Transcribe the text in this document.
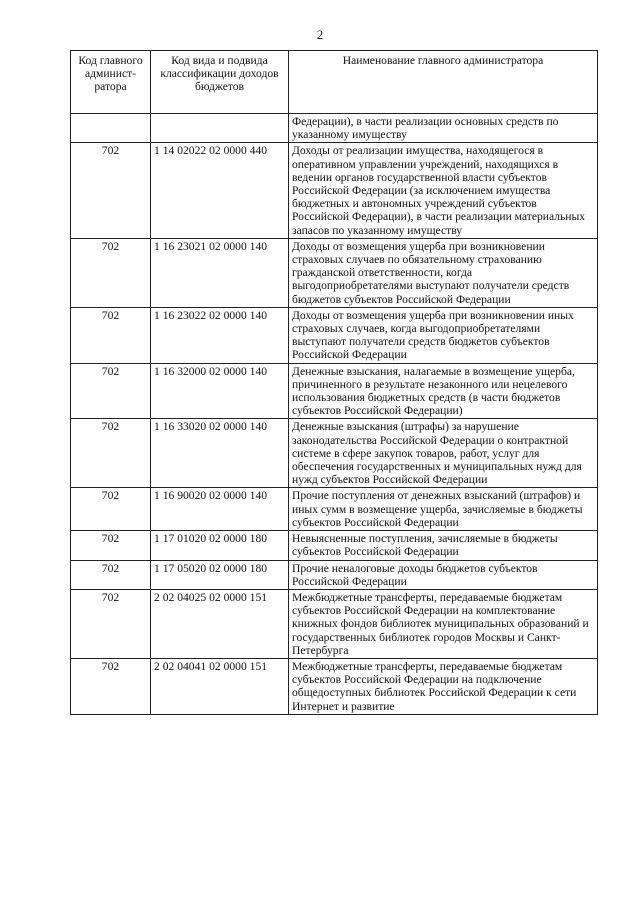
2
Код главного админист-ратора	Код вида и подвида классификации доходов бюджетов	Наименование главного администратора
		Федерации), в части реализации основных средств по указанному имуществу
702	1 14 02022 02 0000 440	Доходы от реализации имущества, находящегося в оперативном управлении учреждений, находящихся в ведении органов государственной власти субъектов Российской Федерации (за исключением имущества бюджетных и автономных учреждений субъектов Российской Федерации), в части реализации материальных запасов по указанному имуществу
702	1 16 23021 02 0000 140	Доходы от возмещения ущерба при возникновении страховых случаев по обязательному страхованию гражданской ответственности, когда выгодоприобретателями выступают получатели средств бюджетов субъектов Российской Федерации
702	1 16 23022 02 0000 140	Доходы от возмещения ущерба при возникновении иных страховых случаев, когда выгодоприобретателями выступают получатели средств бюджетов субъектов Российской Федерации
702	1 16 32000 02 0000 140	Денежные взыскания, налагаемые в возмещение ущерба, причиненного в результате незаконного или нецелевого использования бюджетных средств (в части бюджетов субъектов Российской Федерации)
702	1 16 33020 02 0000 140	Денежные взыскания (штрафы) за нарушение законодательства Российской Федерации о контрактной системе в сфере закупок товаров, работ, услуг для обеспечения государственных и муниципальных нужд для нужд субъектов Российской Федерации
702	1 16 90020 02 0000 140	Прочие поступления от денежных взысканий (штрафов) и иных сумм в возмещение ущерба, зачисляемые в бюджеты субъектов Российской Федерации
702	1 17 01020 02 0000 180	Невыясненные поступления, зачисляемые в бюджеты субъектов Российской Федерации
702	1 17 05020 02 0000 180	Прочие неналоговые доходы бюджетов субъектов Российской Федерации
702	2 02 04025 02 0000 151	Межбюджетные трансферты, передаваемые бюджетам субъектов Российской Федерации на комплектование книжных фондов библиотек муниципальных образований и государственных библиотек городов Москвы и Санкт-Петербурга
702	2 02 04041 02 0000 151	Межбюджетные трансферты, передаваемые бюджетам субъектов Российской Федерации на подключение общедоступных библиотек Российской Федерации к сети Интернет и развитие
